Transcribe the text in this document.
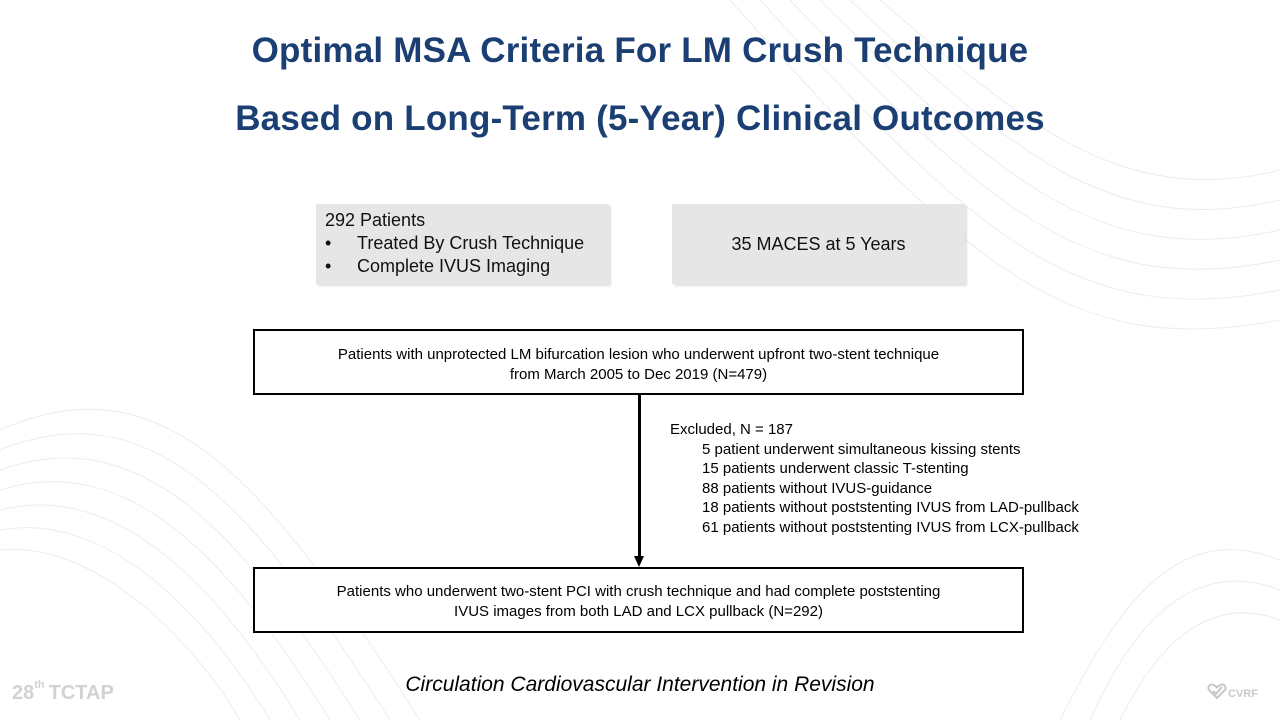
Optimal MSA Criteria For LM Crush Technique
Based on Long-Term (5-Year) Clinical Outcomes
292 Patients
• Treated By Crush Technique
• Complete IVUS Imaging
35 MACES at 5 Years
Patients with unprotected LM bifurcation lesion who underwent upfront two-stent technique
from March 2005 to Dec 2019 (N=479)
Excluded, N = 187
5 patient underwent simultaneous kissing stents
15 patients underwent classic T-stenting
88 patients without IVUS-guidance
18 patients without poststenting IVUS from LAD-pullback
61 patients without poststenting IVUS from LCX-pullback
Patients who underwent two-stent PCI with crush technique and had complete poststenting
IVUS images from both LAD and LCX pullback (N=292)
Circulation Cardiovascular Intervention in Revision
28th TCTAP	CVRF
